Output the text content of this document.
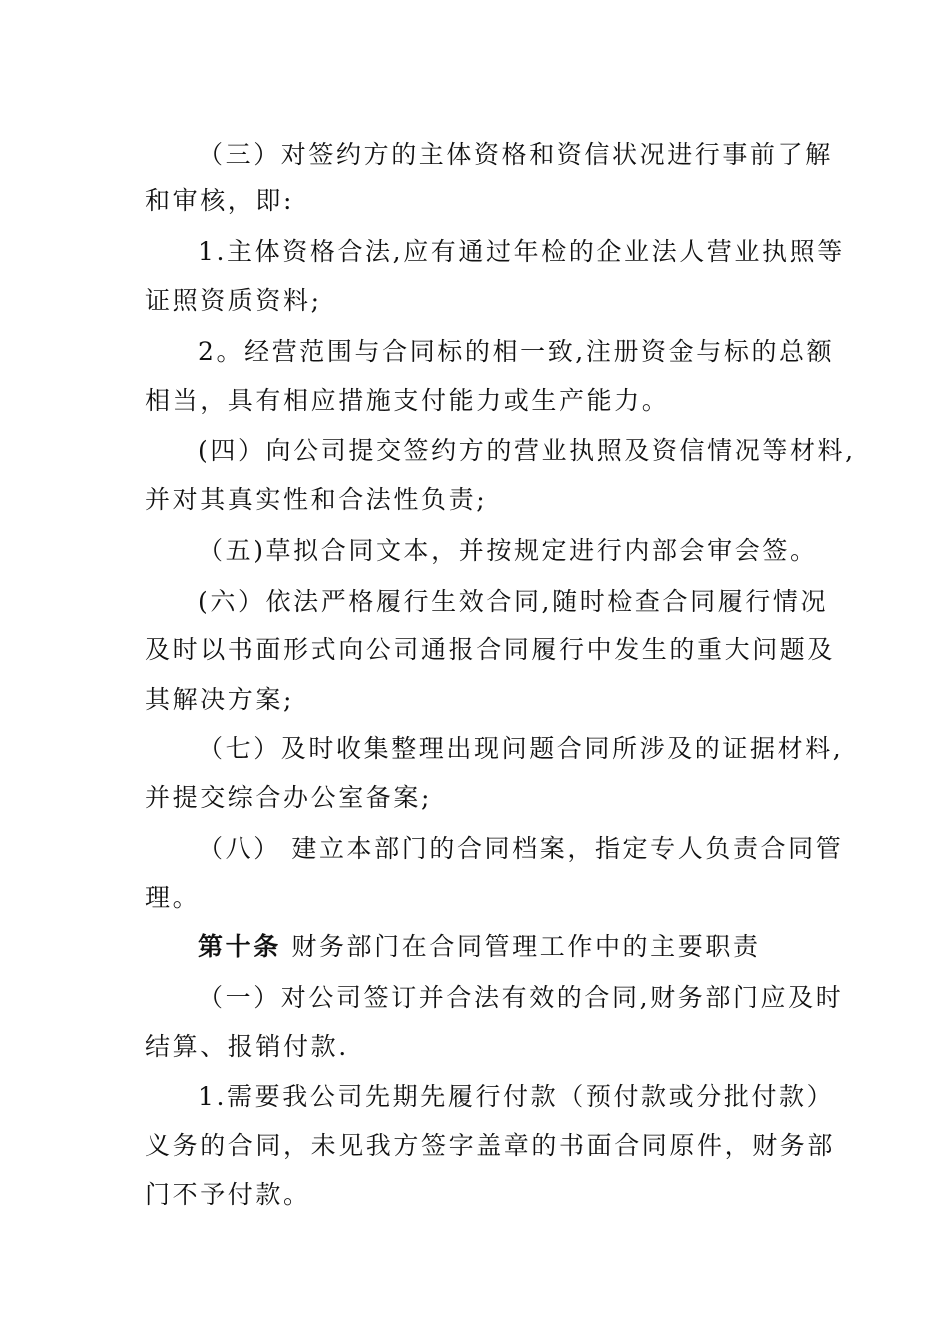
（三）对签约方的主体资格和资信状况进行事前了解
和审核，即:
1.主体资格合法,应有通过年检的企业法人营业执照等
证照资质资料;
2。经营范围与合同标的相一致,注册资金与标的总额
相当，具有相应措施支付能力或生产能力。
(四）向公司提交签约方的营业执照及资信情况等材料,
并对其真实性和合法性负责;
（五)草拟合同文本，并按规定进行内部会审会签。
(六）依法严格履行生效合同,随时检查合同履行情况
及时以书面形式向公司通报合同履行中发生的重大问题及
其解决方案;
（七）及时收集整理出现问题合同所涉及的证据材料,
并提交综合办公室备案;
（八） 建立本部门的合同档案，指定专人负责合同管
理。
第十条 财务部门在合同管理工作中的主要职责
（一）对公司签订并合法有效的合同,财务部门应及时
结算、报销付款.
1.需要我公司先期先履行付款（预付款或分批付款）
义务的合同，未见我方签字盖章的书面合同原件，财务部
门不予付款。
